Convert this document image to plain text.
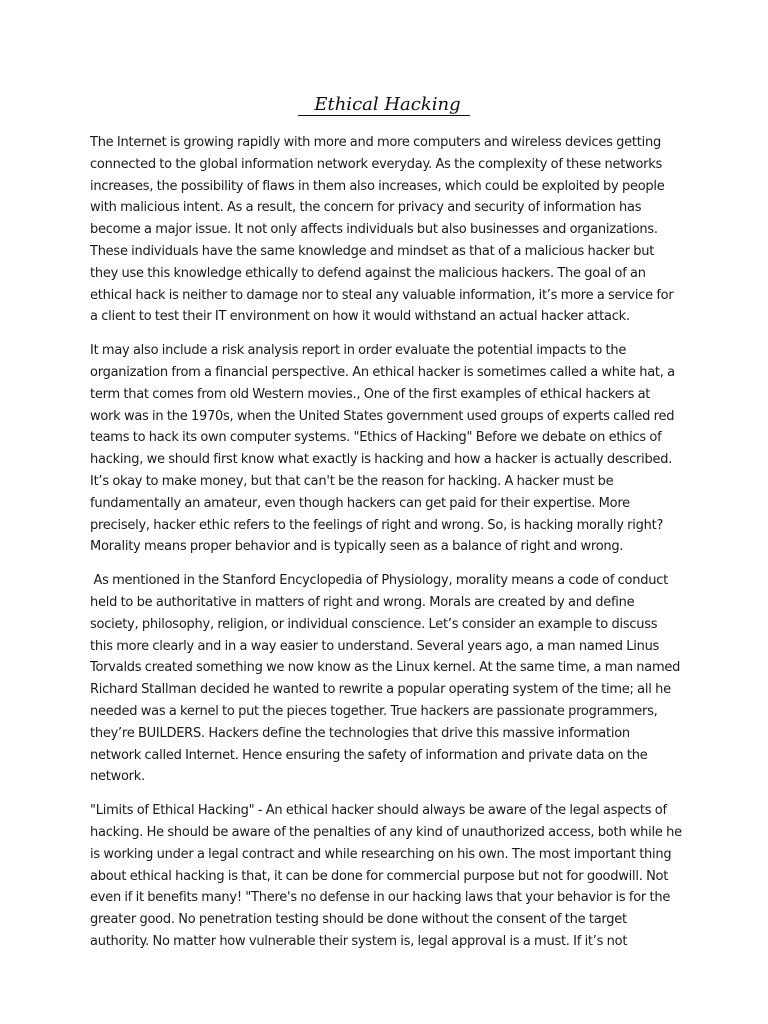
Ethical Hacking

The Internet is growing rapidly with more and more computers and wireless devices getting connected to the global information network everyday. As the complexity of these networks increases, the possibility of flaws in them also increases, which could be exploited by people with malicious intent. As a result, the concern for privacy and security of information has become a major issue. It not only affects individuals but also businesses and organizations. These individuals have the same knowledge and mindset as that of a malicious hacker but they use this knowledge ethically to defend against the malicious hackers. The goal of an ethical hack is neither to damage nor to steal any valuable information, it’s more a service for a client to test their IT environment on how it would withstand an actual hacker attack.

It may also include a risk analysis report in order evaluate the potential impacts to the organization from a financial perspective. An ethical hacker is sometimes called a white hat, a term that comes from old Western movies., One of the first examples of ethical hackers at work was in the 1970s, when the United States government used groups of experts called red teams to hack its own computer systems. "Ethics of Hacking" Before we debate on ethics of hacking, we should first know what exactly is hacking and how a hacker is actually described. It’s okay to make money, but that can't be the reason for hacking. A hacker must be fundamentally an amateur, even though hackers can get paid for their expertise. More precisely, hacker ethic refers to the feelings of right and wrong. So, is hacking morally right? Morality means proper behavior and is typically seen as a balance of right and wrong.

As mentioned in the Stanford Encyclopedia of Physiology, morality means a code of conduct held to be authoritative in matters of right and wrong. Morals are created by and define society, philosophy, religion, or individual conscience. Let’s consider an example to discuss this more clearly and in a way easier to understand. Several years ago, a man named Linus Torvalds created something we now know as the Linux kernel. At the same time, a man named Richard Stallman decided he wanted to rewrite a popular operating system of the time; all he needed was a kernel to put the pieces together. True hackers are passionate programmers, they’re BUILDERS. Hackers define the technologies that drive this massive information network called Internet. Hence ensuring the safety of information and private data on the network.

"Limits of Ethical Hacking" - An ethical hacker should always be aware of the legal aspects of hacking. He should be aware of the penalties of any kind of unauthorized access, both while he is working under a legal contract and while researching on his own. The most important thing about ethical hacking is that, it can be done for commercial purpose but not for goodwill. Not even if it benefits many! "There's no defense in our hacking laws that your behavior is for the greater good. No penetration testing should be done without the consent of the target authority. No matter how vulnerable their system is, legal approval is a must. If it’s not
